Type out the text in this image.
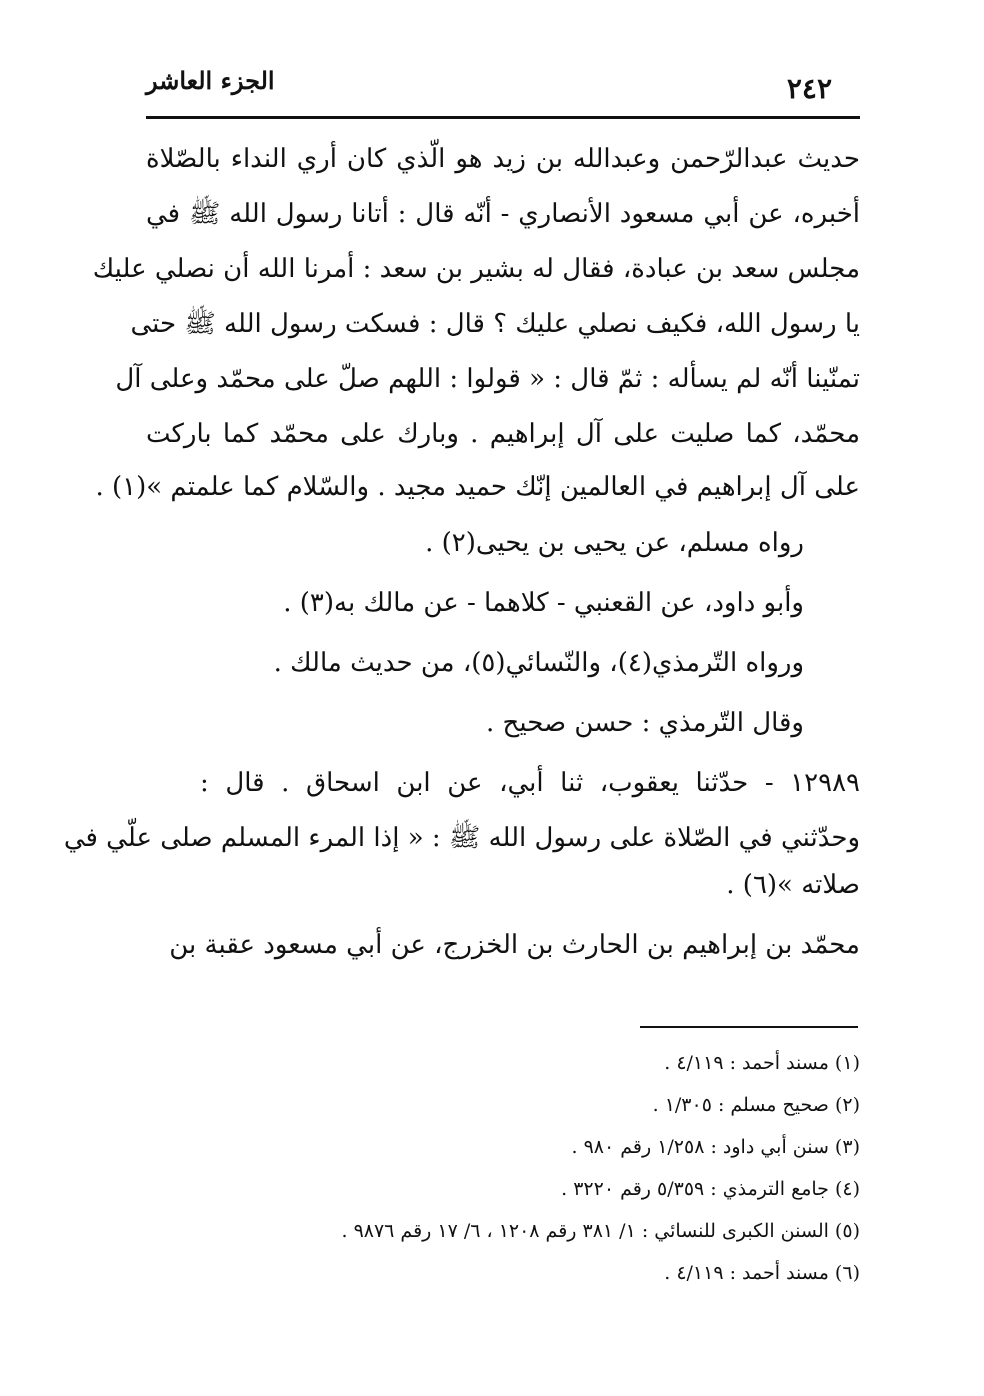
الجزء العاشر	٢٤٢
حديث عبدالرّحمن وعبدالله بن زيد هو الّذي كان أري النداء بالصّلاة
أخبره، عن أبي مسعود الأنصاري - أنّه قال : أتانا رسول الله ﷺ في
مجلس سعد بن عبادة، فقال له بشير بن سعد : أمرنا الله أن نصلي عليك
يا رسول الله، فكيف نصلي عليك ؟ قال : فسكت رسول الله ﷺ حتى
تمنّينا أنّه لم يسأله : ثمّ قال : « قولوا : اللهم صلّ على محمّد وعلى آل
محمّد، كما صليت على آل إبراهيم . وبارك على محمّد كما باركت
على آل إبراهيم في العالمين إنّك حميد مجيد . والسّلام كما علمتم »(١) .
رواه مسلم، عن يحيى بن يحيى(٢) .
وأبو داود، عن القعنبي - كلاهما - عن مالك به(٣) .
ورواه التّرمذي(٤)، والنّسائي(٥)، من حديث مالك .
وقال التّرمذي : حسن صحيح .
١٢٩٨٩ - حدّثنا يعقوب، ثنا أبي، عن ابن اسحاق . قال :
وحدّثني في الصّلاة على رسول الله ﷺ : « إذا المرء المسلم صلى علّي في
صلاته »(٦) .
محمّد بن إبراهيم بن الحارث بن الخزرج، عن أبي مسعود عقبة بن
(١) مسند أحمد : ٤/١١٩ .
(٢) صحيح مسلم : ١/٣٠٥ .
(٣) سنن أبي داود : ١/٢٥٨ رقم ٩٨٠ .
(٤) جامع الترمذي : ٥/٣٥٩ رقم ٣٢٢٠ .
(٥) السنن الكبرى للنسائي : ١/ ٣٨١ رقم ١٢٠٨ ، ٦/ ١٧ رقم ٩٨٧٦ .
(٦) مسند أحمد : ٤/١١٩ .
